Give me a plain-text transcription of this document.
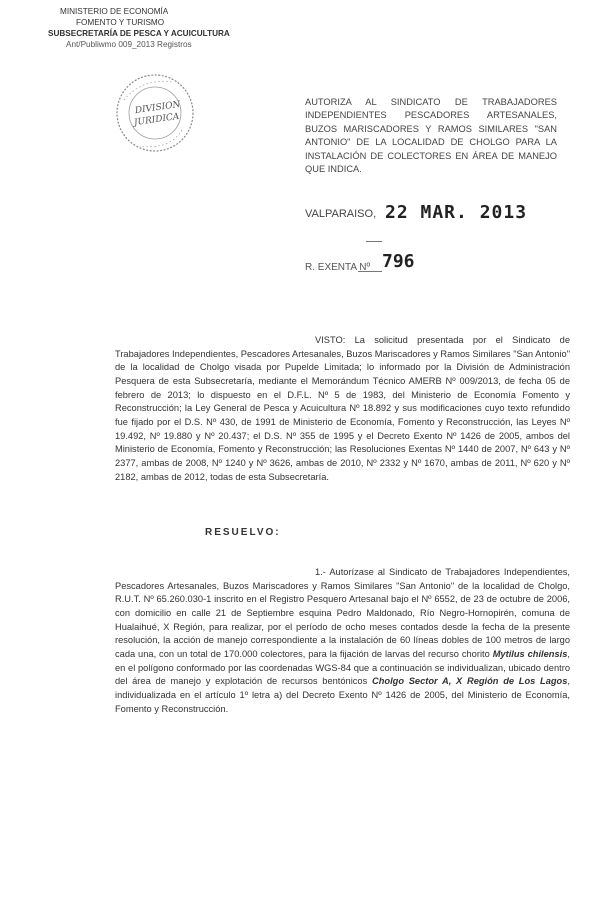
MINISTERIO DE ECONOMÍA
FOMENTO Y TURISMO
SUBSECRETARÍA DE PESCA Y ACUICULTURA
Ant/Publiwmo 009_2013 Registros
DIVISION
JURIDICA
AUTORIZA AL SINDICATO DE TRABAJADORES INDEPENDIENTES PESCADORES ARTESANALES, BUZOS MARISCADORES Y RAMOS SIMILARES "SAN ANTONIO" DE LA LOCALIDAD DE CHOLGO PARA LA INSTALACIÓN DE COLECTORES EN ÁREA DE MANEJO QUE INDICA.
VALPARAISO, 22 MAR. 2013
R. EXENTA Nº 796
VISTO: La solicitud presentada por el Sindicato de Trabajadores Independientes, Pescadores Artesanales, Buzos Mariscadores y Ramos Similares "San Antonio" de la localidad de Cholgo visada por Pupelde Limitada; lo informado por la División de Administración Pesquera de esta Subsecretaría, mediante el Memorándum Técnico AMERB Nº 009/2013, de fecha 05 de febrero de 2013; lo dispuesto en el D.F.L. Nº 5 de 1983, del Ministerio de Economía Fomento y Reconstrucción; la Ley General de Pesca y Acuicultura Nº 18.892 y sus modificaciones cuyo texto refundido fue fijado por el D.S. Nº 430, de 1991 de Ministerio de Economía, Fomento y Reconstrucción, las Leyes Nº 19.492, Nº 19.880 y Nº 20.437; el D.S. Nº 355 de 1995 y el Decreto Exento Nº 1426 de 2005, ambos del Ministerio de Economía, Fomento y Reconstrucción; las Resoluciones Exentas Nº 1440 de 2007, Nº 643 y Nº 2377, ambas de 2008, Nº 1240 y Nº 3626, ambas de 2010, Nº 2332 y Nº 1670, ambas de 2011, Nº 620 y Nº 2182, ambas de 2012, todas de esta Subsecretaría.
RESUELVO:
1.- Autorízase al Sindicato de Trabajadores Independientes, Pescadores Artesanales, Buzos Mariscadores y Ramos Similares "San Antonio" de la localidad de Cholgo, R.U.T. Nº 65.260.030-1 inscrito en el Registro Pesquero Artesanal bajo el Nº 6552, de 23 de octubre de 2006, con domicilio en calle 21 de Septiembre esquina Pedro Maldonado, Río Negro-Hornopirén, comuna de Hualaihué, X Región, para realizar, por el período de ocho meses contados desde la fecha de la presente resolución, la acción de manejo correspondiente a la instalación de 60 líneas dobles de 100 metros de largo cada una, con un total de 170.000 colectores, para la fijación de larvas del recurso chorito Mytilus chilensis, en el polígono conformado por las coordenadas WGS-84 que a continuación se individualizan, ubicado dentro del área de manejo y explotación de recursos bentónicos Cholgo Sector A, X Región de Los Lagos, individualizada en el artículo 1º letra a) del Decreto Exento Nº 1426 de 2005, del Ministerio de Economía, Fomento y Reconstrucción.
